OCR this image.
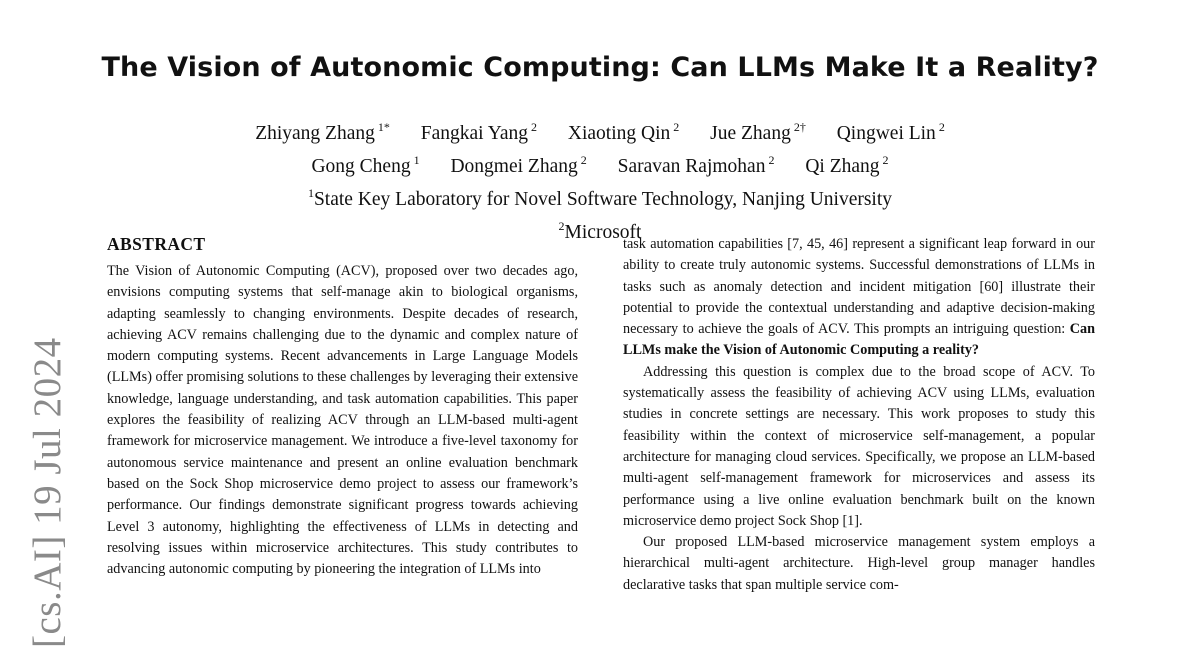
[cs.AI] 19 Jul 2024
The Vision of Autonomic Computing: Can LLMs Make It a Reality?
Zhiyang Zhang $^{1*}$ Fangkai Yang $^2$ Xiaoting Qin $^2$ Jue Zhang $^{2\dagger}$ Qingwei Lin $^2$
Gong Cheng $^1$ Dongmei Zhang $^2$ Saravan Rajmohan $^2$ Qi Zhang $^2$
$^1$State Key Laboratory for Novel Software Technology, Nanjing University
$^2$Microsoft
ABSTRACT

The Vision of Autonomic Computing (ACV), proposed over two decades ago, envisions computing systems that self-manage akin to biological organisms, adapting seamlessly to changing environments. Despite decades of research, achieving ACV remains challenging due to the dynamic and complex nature of modern computing systems. Recent advancements in Large Language Models (LLMs) offer promising solutions to these challenges by leveraging their extensive knowledge, language understanding, and task automation capabilities. This paper explores the feasibility of realizing ACV through an LLM-based multi-agent framework for microservice management. We introduce a five-level taxonomy for autonomous service maintenance and present an online evaluation benchmark based on the Sock Shop microservice demo project to assess our framework’s performance. Our findings demonstrate significant progress towards achieving Level 3 autonomy, highlighting the effectiveness of LLMs in detecting and resolving issues within microservice architectures. This study contributes to advancing autonomic computing by pioneering the integration of LLMs into

task automation capabilities [7, 45, 46] represent a significant leap forward in our ability to create truly autonomic systems. Successful demonstrations of LLMs in tasks such as anomaly detection and incident mitigation [60] illustrate their potential to provide the contextual understanding and adaptive decision-making necessary to achieve the goals of ACV. This prompts an intriguing question: Can LLMs make the Vision of Autonomic Computing a reality?

Addressing this question is complex due to the broad scope of ACV. To systematically assess the feasibility of achieving ACV using LLMs, evaluation studies in concrete settings are necessary. This work proposes to study this feasibility within the context of microservice self-management, a popular architecture for managing cloud services. Specifically, we propose an LLM-based multi-agent self-management framework for microservices and assess its performance using a live online evaluation benchmark built on the known microservice demo project Sock Shop [1].

Our proposed LLM-based microservice management system employs a hierarchical multi-agent architecture. High-level group manager handles declarative tasks that span multiple service com-
